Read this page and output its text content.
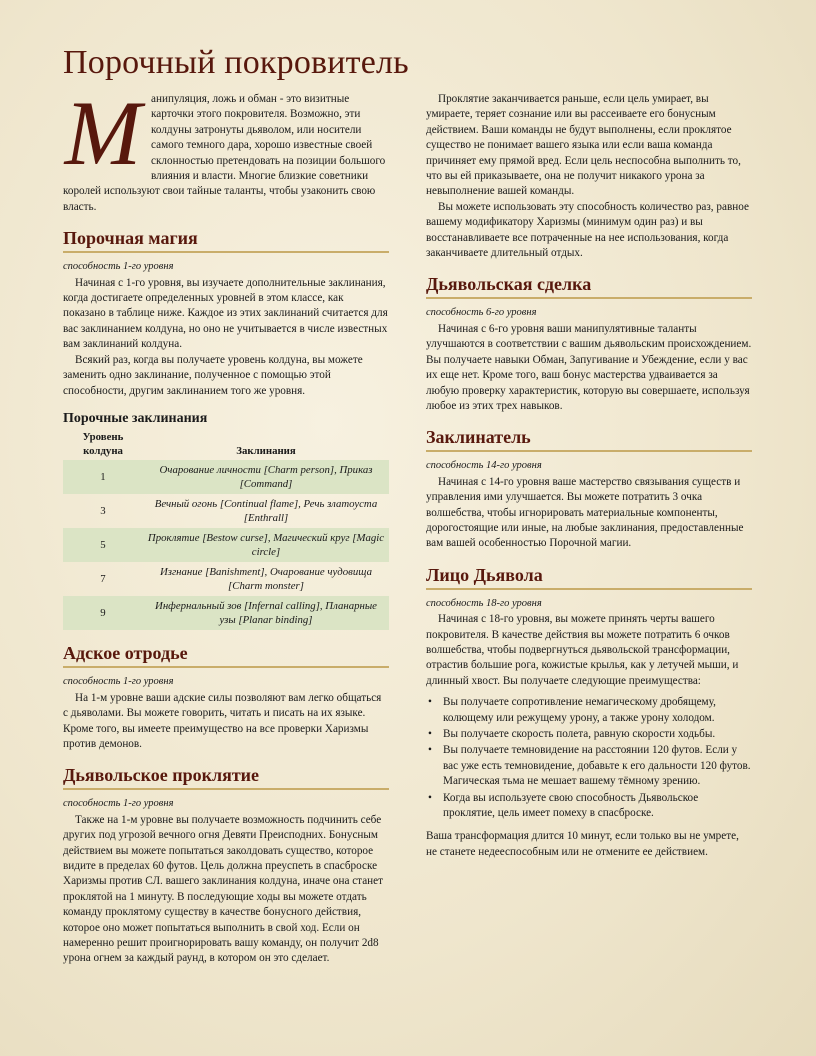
Порочный покровитель
М анипуляция, ложь и обман - это визитные карточки этого покровителя. Возможно, эти колдуны затронуты дьяволом, или носители самого темного дара, хорошо известные своей склонностью претендовать на позиции большого влияния и власти. Многие близкие советники королей используют свои тайные таланты, чтобы узаконить свою власть.

Порочная магия
способность 1-го уровня

Начиная с 1-го уровня, вы изучаете дополнительные заклинания, когда достигаете определенных уровней в этом классе, как показано в таблице ниже. Каждое из этих заклинаний считается для вас заклинанием колдуна, но оно не учитывается в числе известных вам заклинаний колдуна.

Всякий раз, когда вы получаете уровень колдуна, вы можете заменить одно заклинание, полученное с помощью этой способности, другим заклинанием того же уровня.

Порочные заклинания
Уровень колдуна	Заклинания
1	Очарование личности [Charm person], Приказ [Command]
3	Вечный огонь [Continual flame], Речь златоуста [Enthrall]
5	Проклятие [Bestow curse], Магический круг [Magic circle]
7	Изгнание [Banishment], Очарование чудовища [Charm monster]
9	Инфернальный зов [Infernal calling], Планарные узы [Planar binding]
Адское отродье
способность 1-го уровня

На 1-м уровне ваши адские силы позволяют вам легко общаться с дьяволами. Вы можете говорить, читать и писать на их языке. Кроме того, вы имеете преимущество на все проверки Харизмы против демонов.

Дьявольское проклятие
способность 1-го уровня

Также на 1-м уровне вы получаете возможность подчинить себе других под угрозой вечного огня Девяти Преисподних. Бонусным действием вы можете попытаться заколдовать существо, которое видите в пределах 60 футов. Цель должна преуспеть в спасброске Харизмы против СЛ. вашего заклинания колдуна, иначе она станет проклятой на 1 минуту. В последующие ходы вы можете отдать команду проклятому существу в качестве бонусного действия, которое оно может попытаться выполнить в свой ход. Если он намеренно решит проигнорировать вашу команду, он получит 2d8 урона огнем за каждый раунд, в котором он это сделает.

Проклятие заканчивается раньше, если цель умирает, вы умираете, теряет сознание или вы рассеиваете его бонусным действием. Ваши команды не будут выполнены, если проклятое существо не понимает вашего языка или если ваша команда причиняет ему прямой вред. Если цель неспособна выполнить то, что вы ей приказываете, она не получит никакого урона за невыполнение вашей команды.

Вы можете использовать эту способность количество раз, равное вашему модификатору Харизмы (минимум один раз) и вы восстанавливаете все потраченные на нее использования, когда заканчиваете длительный отдых.

Дьявольская сделка
способность 6-го уровня

Начиная с 6-го уровня ваши манипулятивные таланты улучшаются в соответствии с вашим дьявольским происхождением. Вы получаете навыки Обман, Запугивание и Убеждение, если у вас их еще нет. Кроме того, ваш бонус мастерства удваивается за любую проверку характеристик, которую вы совершаете, используя любое из этих трех навыков.

Заклинатель
способность 14-го уровня

Начиная с 14-го уровня ваше мастерство связывания существ и управления ими улучшается. Вы можете потратить 3 очка волшебства, чтобы игнорировать материальные компоненты, дорогостоящие или иные, на любые заклинания, предоставленные вам вашей особенностью Порочной магии.

Лицо Дьявола
способность 18-го уровня

Начиная с 18-го уровня, вы можете принять черты вашего покровителя. В качестве действия вы можете потратить 6 очков волшебства, чтобы подвергнуться дьявольской трансформации, отрастив большие рога, кожистые крылья, как у летучей мыши, и длинный хвост. Вы получаете следующие преимущества:

• Вы получаете сопротивление немагическому дробящему, колющему или режущему урону, а также урону холодом.
• Вы получаете скорость полета, равную скорости ходьбы.
• Вы получаете темновидение на расстоянии 120 футов. Если у вас уже есть темновидение, добавьте к его дальности 120 футов. Магическая тьма не мешает вашему тёмному зрению.
• Когда вы используете свою способность Дьявольское проклятие, цель имеет помеху в спасброске.

Ваша трансформация длится 10 минут, если только вы не умрете, не станете недееспособным или не отмените ее действием.
